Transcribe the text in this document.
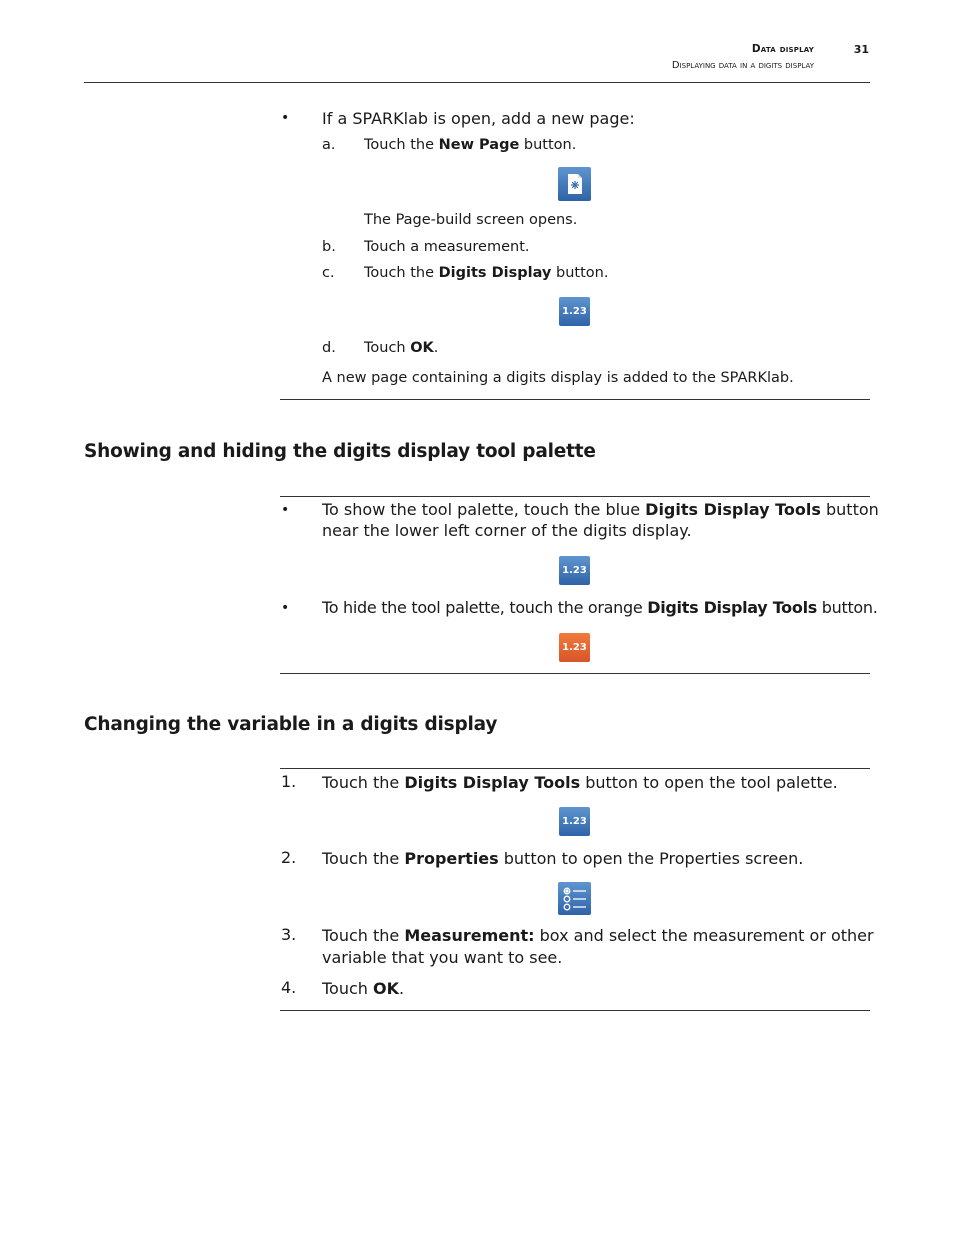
Data display	31
Displaying data in a digits display
• If a SPARKlab is open, add a new page:
a. Touch the New Page button.
The Page-build screen opens.
b. Touch a measurement.
c. Touch the Digits Display button.
1.23
d. Touch OK.
A new page containing a digits display is added to the SPARKlab.
Showing and hiding the digits display tool palette
• To show the tool palette, touch the blue Digits Display Tools button
near the lower left corner of the digits display.
1.23
• To hide the tool palette, touch the orange Digits Display Tools button.
1.23
Changing the variable in a digits display
1. Touch the Digits Display Tools button to open the tool palette.
1.23
2. Touch the Properties button to open the Properties screen.
3. Touch the Measurement: box and select the measurement or other
variable that you want to see.
4. Touch OK.
